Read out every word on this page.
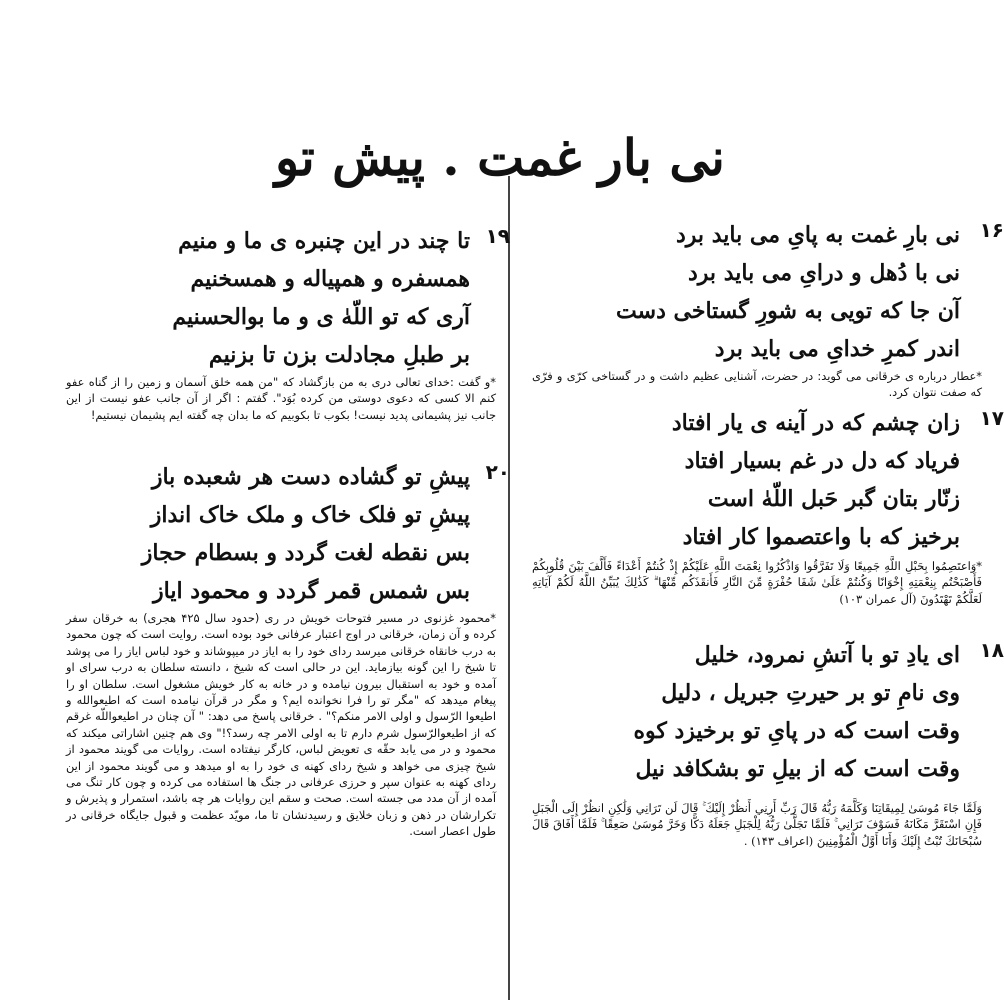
نی بار غمت . پیش تو
۱۶
نی بارِ غمت به پایِ می باید برد
نی با دُهل و درایِ می باید برد
آن جا که تویی به شورِ گستاخی دست
اندر کمرِ خدایِ می باید برد
*عطار درباره ی خرقانی می گوید: در حضرت، آشنایی عظیم داشت و در گستاخی کرّی و فرّی که صفت نتوان کرد.
۱۷
زان چشم که در آینه ی یار افتاد
فریاد که دل در غم بسیار افتاد
زنّار بتان گبر حَبل اللّهٰ است
برخیز که با واعتصموا کار افتاد
*وَاعتَصِمُوا بِحَبْلِ اللَّهِ جَمِيعًا وَلَا تَفَرَّقُوا وَاذْكُرُوا نِعْمَتَ اللَّهِ عَلَيْكُمْ إِذْ كُنتُمْ أَعْدَاءً فَأَلَّفَ بَيْنَ قُلُوبِكُمْ فَأَصْبَحْتُم بِنِعْمَتِهِ إِخْوَانًا وَكُنتُمْ عَلَىٰ شَفَا حُفْرَةٍ مِّنَ النَّارِ فَأَنقَذَكُم مِّنْهَا ۗ كَذَٰلِكَ يُبَيِّنُ اللَّهُ لَكُمْ آيَاتِهِ لَعَلَّكُمْ تَهْتَدُونَ (آل عمران ۱۰۳)
۱۸
ای یادِ تو با آتشِ نمرود، خلیل
وی نامِ تو بر حیرتِ جبریل ، دلیل
وقت است که در پایِ تو برخیزد کوه
وقت است که از بیلِ تو بشکافد نیل
وَلَمَّا جَاءَ مُوسَىٰ لِمِيقَاتِنَا وَكَلَّمَهُ رَبُّهُ قَالَ رَبِّ أَرِنِي أَنظُرْ إِلَيْكَ ۚ قَالَ لَن تَرَانِي وَلَٰكِنِ انظُرْ إِلَى الْجَبَلِ فَإِنِ اسْتَقَرَّ مَكَانَهُ فَسَوْفَ تَرَانِي ۚ فَلَمَّا تَجَلَّىٰ رَبُّهُ لِلْجَبَلِ جَعَلَهُ دَكًّا وَخَرَّ مُوسَىٰ صَعِقًا ۚ فَلَمَّا أَفَاقَ قَالَ سُبْحَانَكَ تُبْتُ إِلَيْكَ وَأَنَا أَوَّلُ الْمُؤْمِنِينَ (اعراف ۱۴۳) .
۱۹
تا چند در این چنبره ی ما و منیم
همسفره و همپیاله و همسخنیم
آری که تو اللّهٰ ی و ما بوالحسنیم
بر طبلِ مجادلت بزن تا بزنیم
*و گفت :خدای تعالی دری به من بازگشاد که "من همه خلق آسمان و زمین را از گناه عفو کنم الا کسی که دعوی دوستی من کرده بُوَد". گفتم : اگر از آن جانب عفو نیست از این جانب نیز پشیمانی پدید نیست! بکوب تا بکوبیم که ما بدان چه گفته ایم پشیمان نیستیم!
۲۰
پیشِ تو گشاده دست هر شعبده باز
پیشِ تو فلک خاک و ملک خاک انداز
بس نقطه لغت گردد و بسطام حجاز
بس شمس قمر گردد و محمود ایاز
*محمود غزنوی در مسیر فتوحات خویش در ری (حدود سال ۴۲۵ هجری) به خرقان سفر کرده و آن زمان، خرقانی در اوج اعتبار عرفانی خود بوده است. روایت است که چون محمود به درب خانقاه خرقانی میرسد ردای خود را به ایاز در میپوشاند و خود لباس ایاز را می پوشد تا شیخ را این گونه بیازماید. این در حالی است که شیخ ، دانسته سلطان به درب سرای او آمده و خود به استقبال بیرون نیامده و در خانه به کار خویش مشغول است. سلطان او را پیغام میدهد که "مگر تو را فرا نخوانده ایم؟ و مگر در قرآن نیامده است که اطیعوالله و اطیعوا الرّسول و اولی الامر منکم؟" . خرقانی پاسخ می دهد: " آن چنان در اطیعواللّه غرقم که از اطیعوالرّسول شرم دارم تا به اولی الامر چه رسد؟!" وی هم چنین اشاراتی میکند که محمود و در می یابد حقّه ی تعویض لباس، کارگر نیفتاده است. روایات می گویند محمود از شیخ چیزی می خواهد و شیخ ردای کهنه ی خود را به او میدهد و می گویند محمود از این ردای کهنه به عنوان سپر و حرزی عرفانی در جنگ ها استفاده می کرده و چون کار تنگ می آمده از آن مدد می جسته است. صحت و سقم این روایات هر چه باشد، استمرار و پذیرش و تکرارشان در ذهن و زبان خلایق و رسیدنشان تا ما، مویّد عظمت و قبول جایگاه خرقانی در طول اعصار است.
